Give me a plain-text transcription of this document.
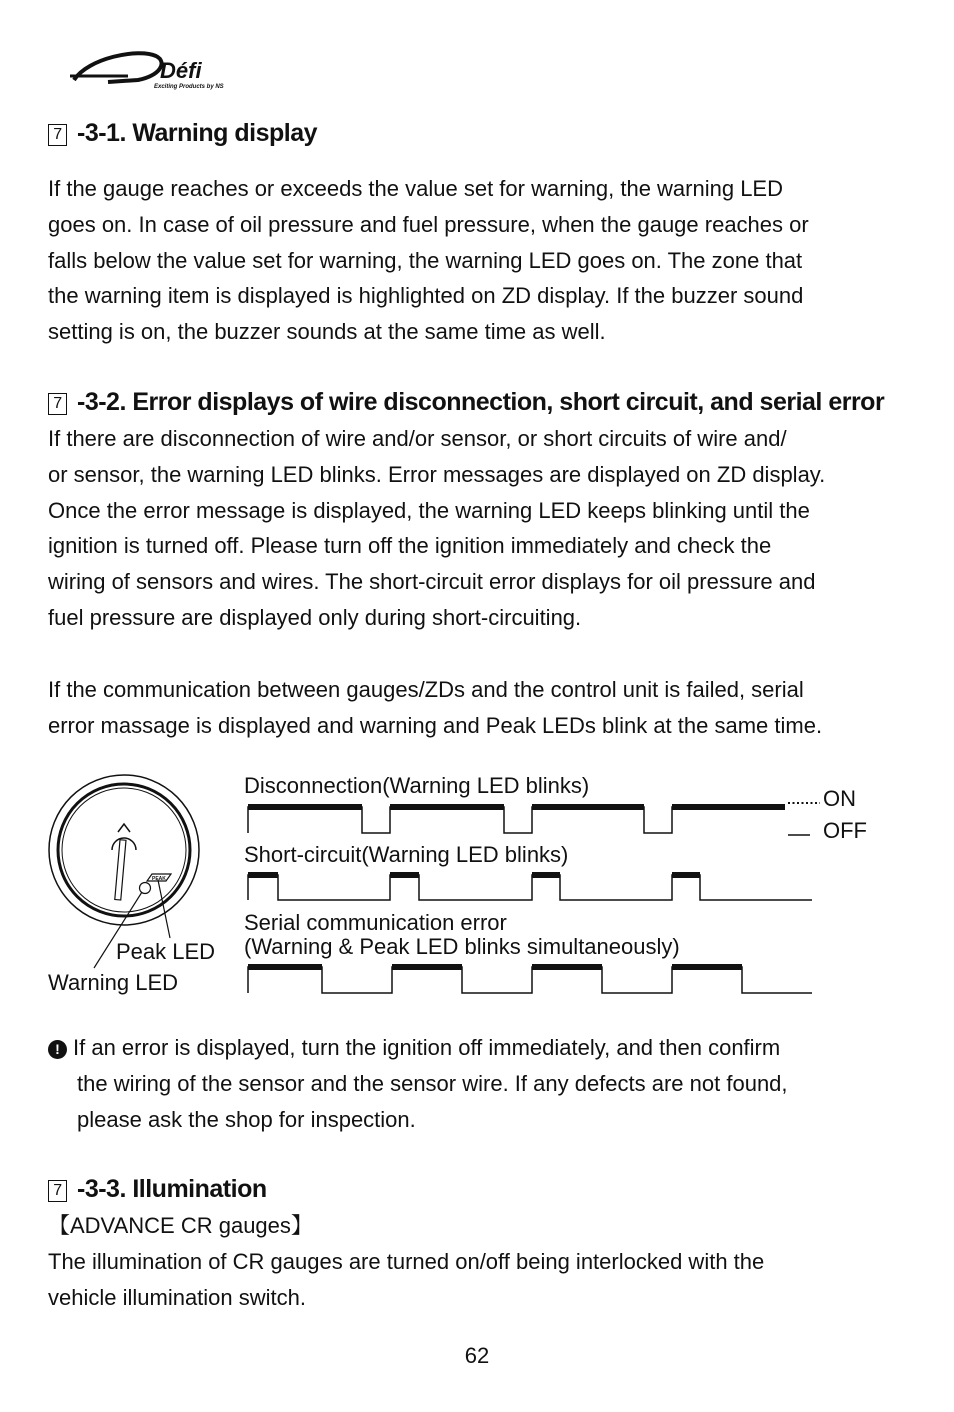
Défi
Exciting Products by NS
7 -3-1. Warning display
If the gauge reaches or exceeds the value set for warning, the warning LED
goes on. In case of oil pressure and fuel pressure, when the gauge reaches or
falls below the value set for warning, the warning LED goes on. The zone that
the warning item is displayed is highlighted on ZD display. If the buzzer sound
setting is on, the buzzer sounds at the same time as well.
7 -3-2. Error displays of wire disconnection, short circuit, and serial error
If there are disconnection of wire and/or sensor, or short circuits of wire and/
or sensor, the warning LED blinks. Error messages are displayed on ZD display.
Once the error message is displayed, the warning LED keeps blinking until the
ignition is turned off. Please turn off the ignition immediately and check the
wiring of sensors and wires. The short-circuit error displays for oil pressure and
fuel pressure are displayed only during short-circuiting.
If the communication between gauges/ZDs and the control unit is failed, serial
error massage is displayed and warning and Peak LEDs blink at the same time.
PEAK
Peak LED
Warning LED
Disconnection(Warning LED blinks)
Short-circuit(Warning LED blinks)
Serial communication error
(Warning & Peak LED blinks simultaneously)
ON
OFF
! If an error is displayed, turn the ignition off immediately, and then confirm
the wiring of the sensor and the sensor wire. If any defects are not found,
please ask the shop for inspection.
7 -3-3. Illumination
【ADVANCE CR gauges】
The illumination of CR gauges are turned on/off being interlocked with the
vehicle illumination switch.
62
